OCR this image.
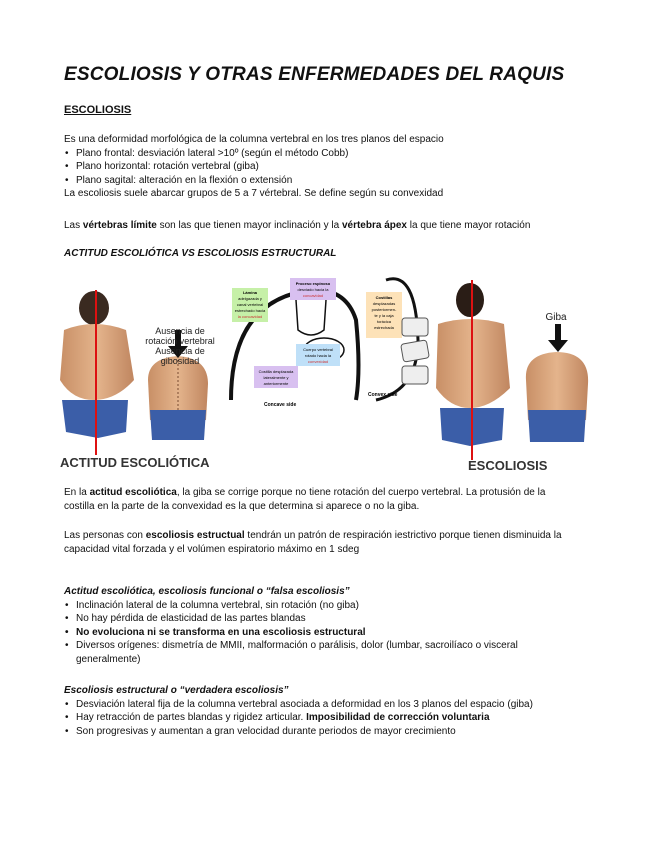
ESCOLIOSIS Y OTRAS ENFERMEDADES DEL RAQUIS
ESCOLIOSIS
Es una deformidad morfológica de la columna vertebral en los tres planos del espacio
• Plano frontal: desviación lateral >10º (según el método Cobb)
• Plano horizontal: rotación vertebral (giba)
• Plano sagital: alteración en la flexión o extensión
La escoliosis suele abarcar grupos de 5 a 7 vértebral. Se define según su convexidad
Las vértebras límite son las que tienen mayor inclinación y la vértebra ápex la que tiene mayor rotación
ACTITUD ESCOLIÓTICA VS ESCOLIOSIS ESTRUCTURAL
Ausencia de
rotación vertebral
Ausencia de
gibosidad
ACTITUD ESCOLIÓTICA
Proceso espinoso
desviado hacia la
concavidad
Lámina
adelgazada y
canal vertebral
estrechado hacia
la concavidad
Costillas
desplazadas
posteriormen-
te y la caja
torácica
estrechada
Cuerpo vertebral
rotado hacia la
convexidad
Costilla desplazada
lateralmente y
anteriormente
Concave side
Convex side
Giba
ESCOLIOSIS
En la actitud escoliótica, la giba se corrige porque no tiene rotación del cuerpo vertebral. La protusión de la
costilla en la parte de la convexidad es la que determina si aparece o no la giba.
Las personas con escoliosis estructual tendrán un patrón de respiración iestrictivo porque tienen disminuida la
capacidad vital forzada y el volúmen espiratorio máximo en 1 sdeg
Actitud escoliótica, escoliosis funcional o “falsa escoliosis”
• Inclinación lateral de la columna vertebral, sin rotación (no giba)
• No hay pérdida de elasticidad de las partes blandas
• No evoluciona ni se transforma en una escoliosis estructural
• Diversos orígenes: dismetría de MMII, malformación o parálisis, dolor (lumbar, sacroilíaco o visceral
generalmente)
Escoliosis estructural o “verdadera escoliosis”
• Desviación lateral fija de la columna vertebral asociada a deformidad en los 3 planos del espacio (giba)
• Hay retracción de partes blandas y rigidez articular. Imposibilidad de corrección voluntaria
• Son progresivas y aumentan a gran velocidad durante periodos de mayor crecimiento
